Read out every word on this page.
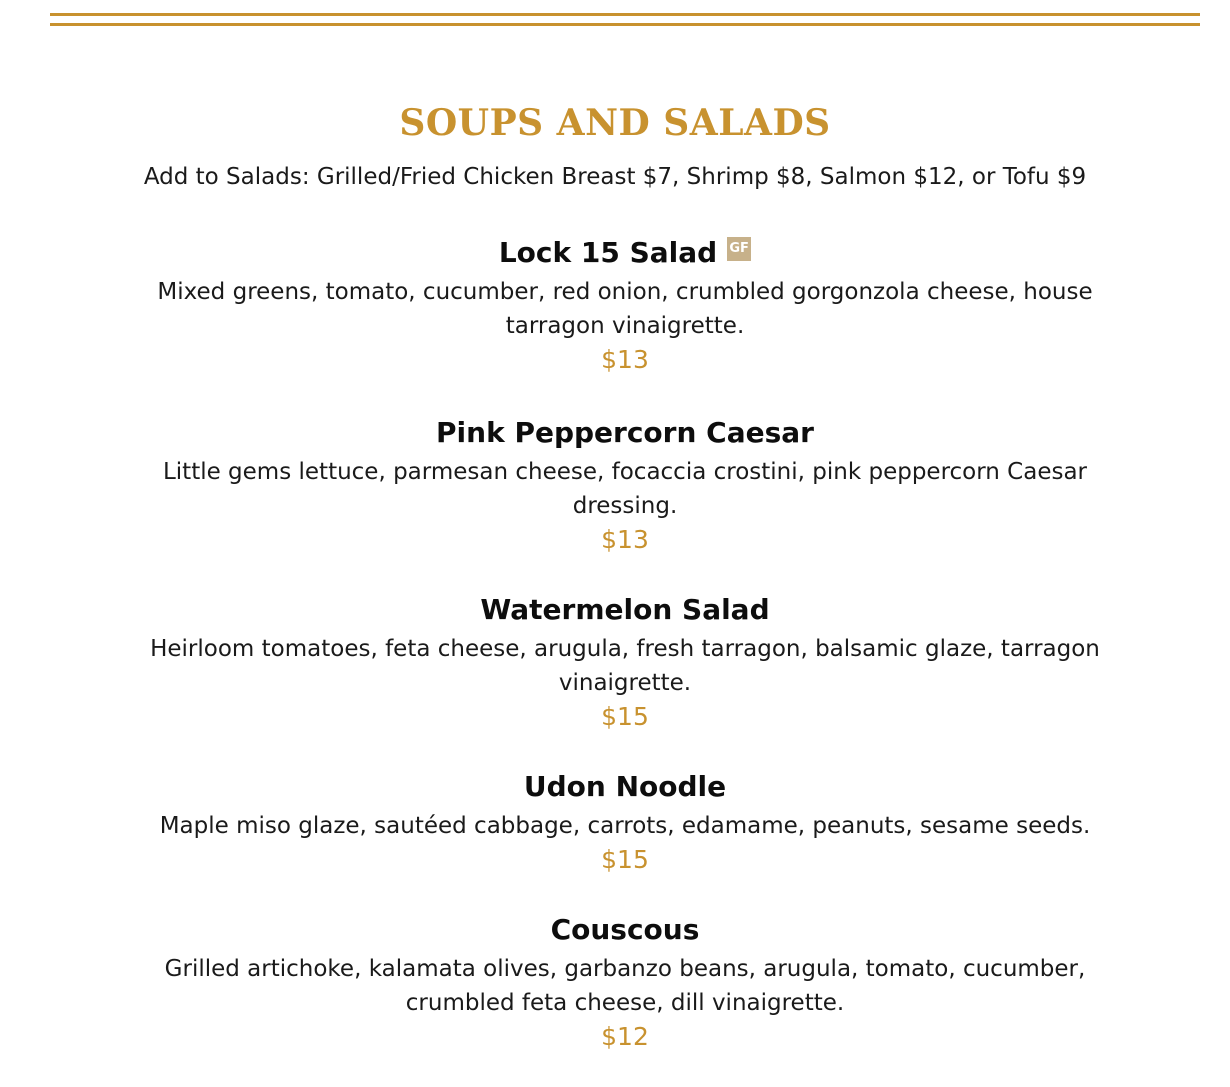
SOUPS AND SALADS
Add to Salads: Grilled/Fried Chicken Breast $7, Shrimp $8, Salmon $12, or Tofu $9
Lock 15 Salad GF
Mixed greens, tomato, cucumber, red onion, crumbled gorgonzola cheese, house tarragon vinaigrette.
$13
Pink Peppercorn Caesar
Little gems lettuce, parmesan cheese, focaccia crostini, pink peppercorn Caesar dressing.
$13
Watermelon Salad
Heirloom tomatoes, feta cheese, arugula, fresh tarragon, balsamic glaze, tarragon vinaigrette.
$15
Udon Noodle
Maple miso glaze, sautéed cabbage, carrots, edamame, peanuts, sesame seeds.
$15
Couscous
Grilled artichoke, kalamata olives, garbanzo beans, arugula, tomato, cucumber, crumbled feta cheese, dill vinaigrette.
$12
